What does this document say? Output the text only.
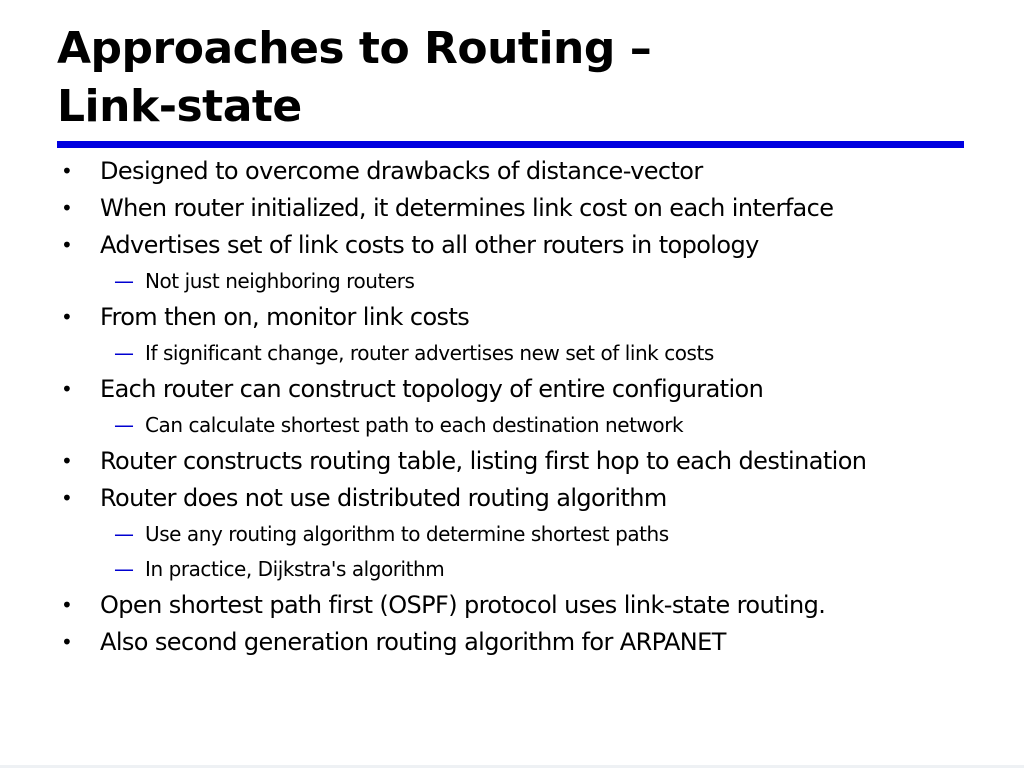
Approaches to Routing –
Link-state
• Designed to overcome drawbacks of distance-vector
• When router initialized, it determines link cost on each interface
• Advertises set of link costs to all other routers in topology
— Not just neighboring routers
• From then on, monitor link costs
— If significant change, router advertises new set of link costs
• Each router can construct topology of entire configuration
— Can calculate shortest path to each destination network
• Router constructs routing table, listing first hop to each destination
• Router does not use distributed routing algorithm
— Use any routing algorithm to determine shortest paths
— In practice, Dijkstra's algorithm
• Open shortest path first (OSPF) protocol uses link-state routing.
• Also second generation routing algorithm for ARPANET
